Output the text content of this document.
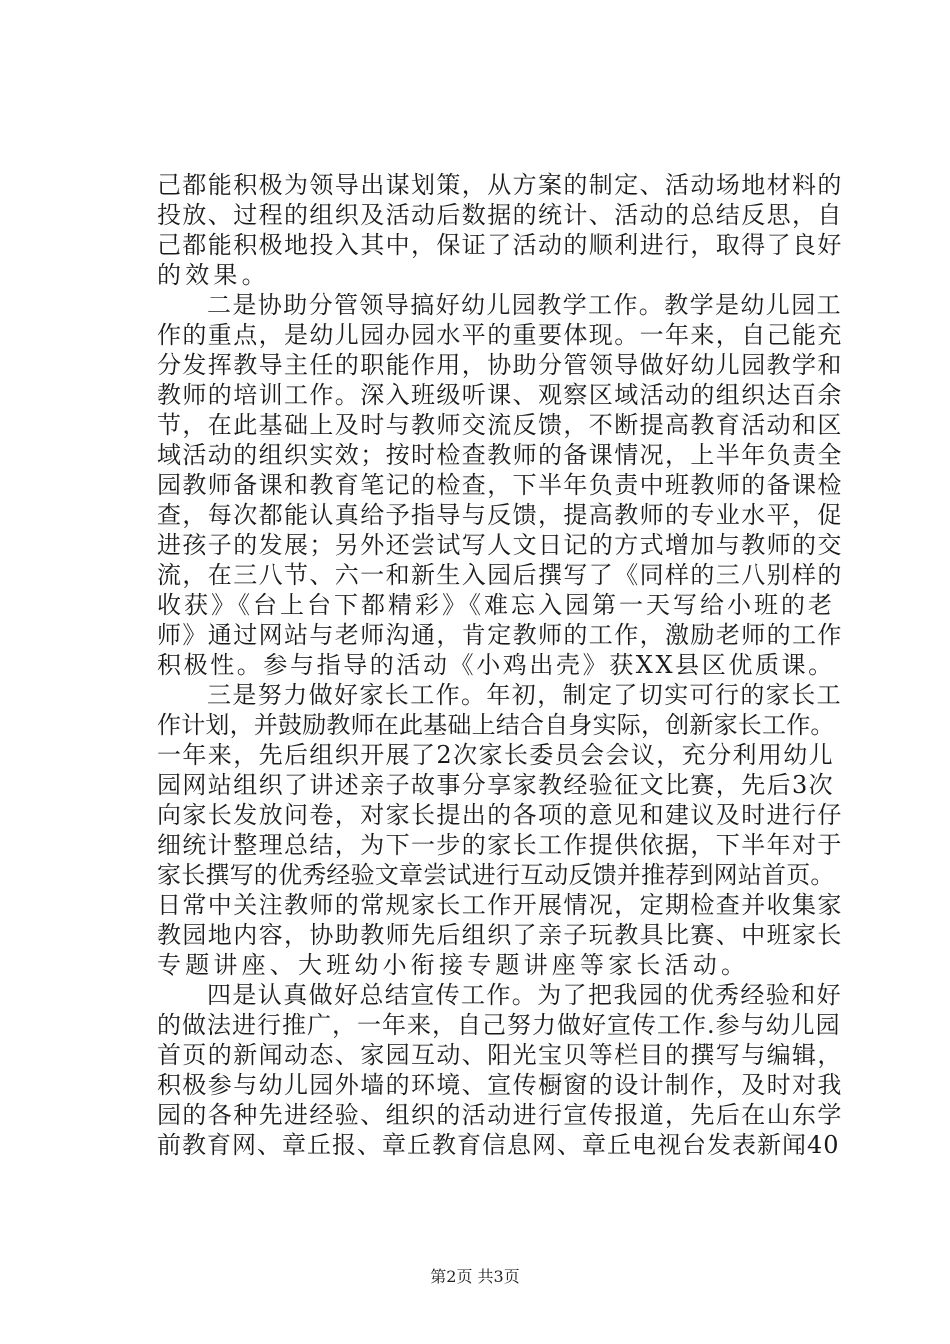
己都能积极为领导出谋划策，从方案的制定、活动场地材料的
投放、过程的组织及活动后数据的统计、活动的总结反思，自
己都能积极地投入其中，保证了活动的顺利进行，取得了良好
的效果。
二是协助分管领导搞好幼儿园教学工作。教学是幼儿园工
作的重点，是幼儿园办园水平的重要体现。一年来，自己能充
分发挥教导主任的职能作用，协助分管领导做好幼儿园教学和
教师的培训工作。深入班级听课、观察区域活动的组织达百余
节，在此基础上及时与教师交流反馈，不断提高教育活动和区
域活动的组织实效；按时检查教师的备课情况，上半年负责全
园教师备课和教育笔记的检查，下半年负责中班教师的备课检
查，每次都能认真给予指导与反馈，提高教师的专业水平，促
进孩子的发展；另外还尝试写人文日记的方式增加与教师的交
流，在三八节、六一和新生入园后撰写了《同样的三八别样的
收获》《台上台下都精彩》《难忘入园第一天写给小班的老
师》通过网站与老师沟通，肯定教师的工作，激励老师的工作
积极性。参与指导的活动《小鸡出壳》获XX县区优质课。
三是努力做好家长工作。年初，制定了切实可行的家长工
作计划，并鼓励教师在此基础上结合自身实际，创新家长工作。
一年来，先后组织开展了2次家长委员会会议，充分利用幼儿
园网站组织了讲述亲子故事分享家教经验征文比赛，先后3次
向家长发放问卷，对家长提出的各项的意见和建议及时进行仔
细统计整理总结，为下一步的家长工作提供依据，下半年对于
家长撰写的优秀经验文章尝试进行互动反馈并推荐到网站首页。
日常中关注教师的常规家长工作开展情况，定期检查并收集家
教园地内容，协助教师先后组织了亲子玩教具比赛、中班家长
专题讲座、大班幼小衔接专题讲座等家长活动。
四是认真做好总结宣传工作。为了把我园的优秀经验和好
的做法进行推广，一年来，自己努力做好宣传工作.参与幼儿园
首页的新闻动态、家园互动、阳光宝贝等栏目的撰写与编辑，
积极参与幼儿园外墙的环境、宣传橱窗的设计制作，及时对我
园的各种先进经验、组织的活动进行宣传报道，先后在山东学
前教育网、章丘报、章丘教育信息网、章丘电视台发表新闻40
第2页 共3页
